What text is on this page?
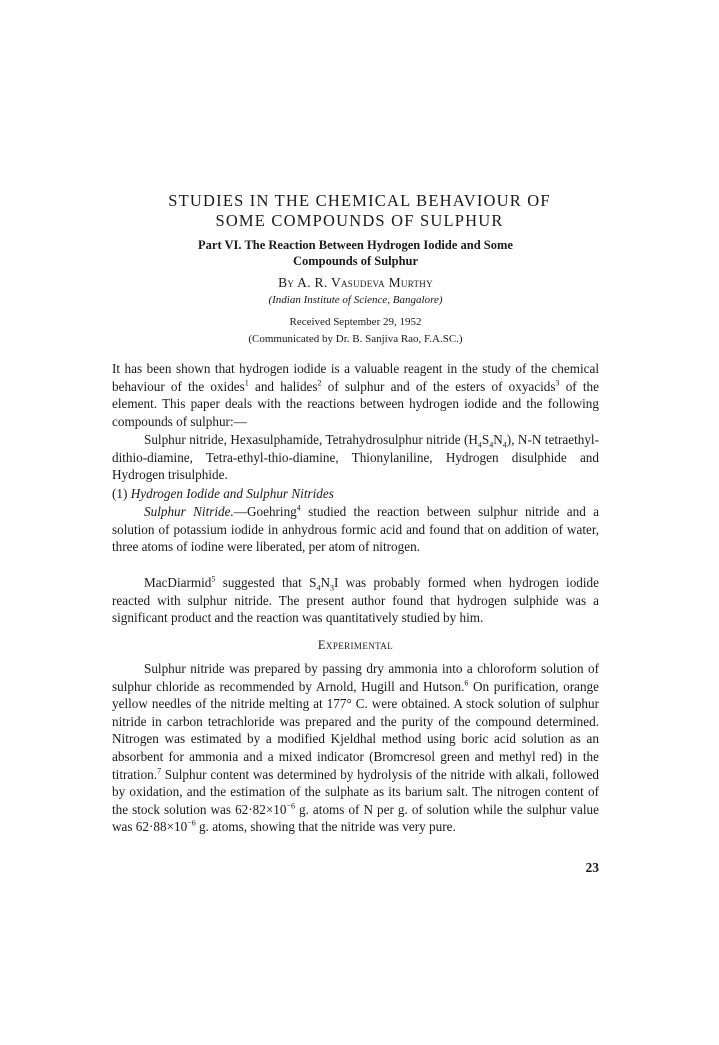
STUDIES IN THE CHEMICAL BEHAVIOUR OF
SOME COMPOUNDS OF SULPHUR
Part VI. The Reaction Between Hydrogen Iodide and Some
Compounds of Sulphur
By A. R. Vasudeva Murthy
(Indian Institute of Science, Bangalore)
Received September 29, 1952
(Communicated by Dr. B. Sanjiva Rao, F.A.SC.)

It has been shown that hydrogen iodide is a valuable reagent in the study of the chemical behaviour of the oxides$^1$ and halides$^2$ of sulphur and of the esters of oxyacids$^3$ of the element. This paper deals with the reactions between hydrogen iodide and the following compounds of sulphur:—

Sulphur nitride, Hexasulphamide, Tetrahydrosulphur nitride $(H_4S_4N_4)$, N-N tetraethyl-dithio-diamine, Tetra-ethyl-thio-diamine, Thionylaniline, Hydrogen disulphide and Hydrogen trisulphide.

(1) Hydrogen Iodide and Sulphur Nitrides

Sulphur Nitride.—Goehring$^4$ studied the reaction between sulphur nitride and a solution of potassium iodide in anhydrous formic acid and found that on addition of water, three atoms of iodine were liberated, per atom of nitrogen.

MacDiarmid$^5$ suggested that $S_4N_3I$ was probably formed when hydrogen iodide reacted with sulphur nitride. The present author found that hydrogen sulphide was a significant product and the reaction was quantitatively studied by him.

Experimental

Sulphur nitride was prepared by passing dry ammonia into a chloroform solution of sulphur chloride as recommended by Arnold, Hugill and Hutson.$^6$ On purification, orange yellow needles of the nitride melting at 177° C. were obtained. A stock solution of sulphur nitride in carbon tetrachloride was prepared and the purity of the compound determined. Nitrogen was estimated by a modified Kjeldhal method using boric acid solution as an absorbent for ammonia and a mixed indicator (Bromcresol green and methyl red) in the titration.$^7$ Sulphur content was determined by hydrolysis of the nitride with alkali, followed by oxidation, and the estimation of the sulphate as its barium salt. The nitrogen content of the stock solution was $62\cdot 82\times 10^{-6}$ g. atoms of N per g. of solution while the sulphur value was $62\cdot 88\times 10^{-6}$ g. atoms, showing that the nitride was very pure.

23
